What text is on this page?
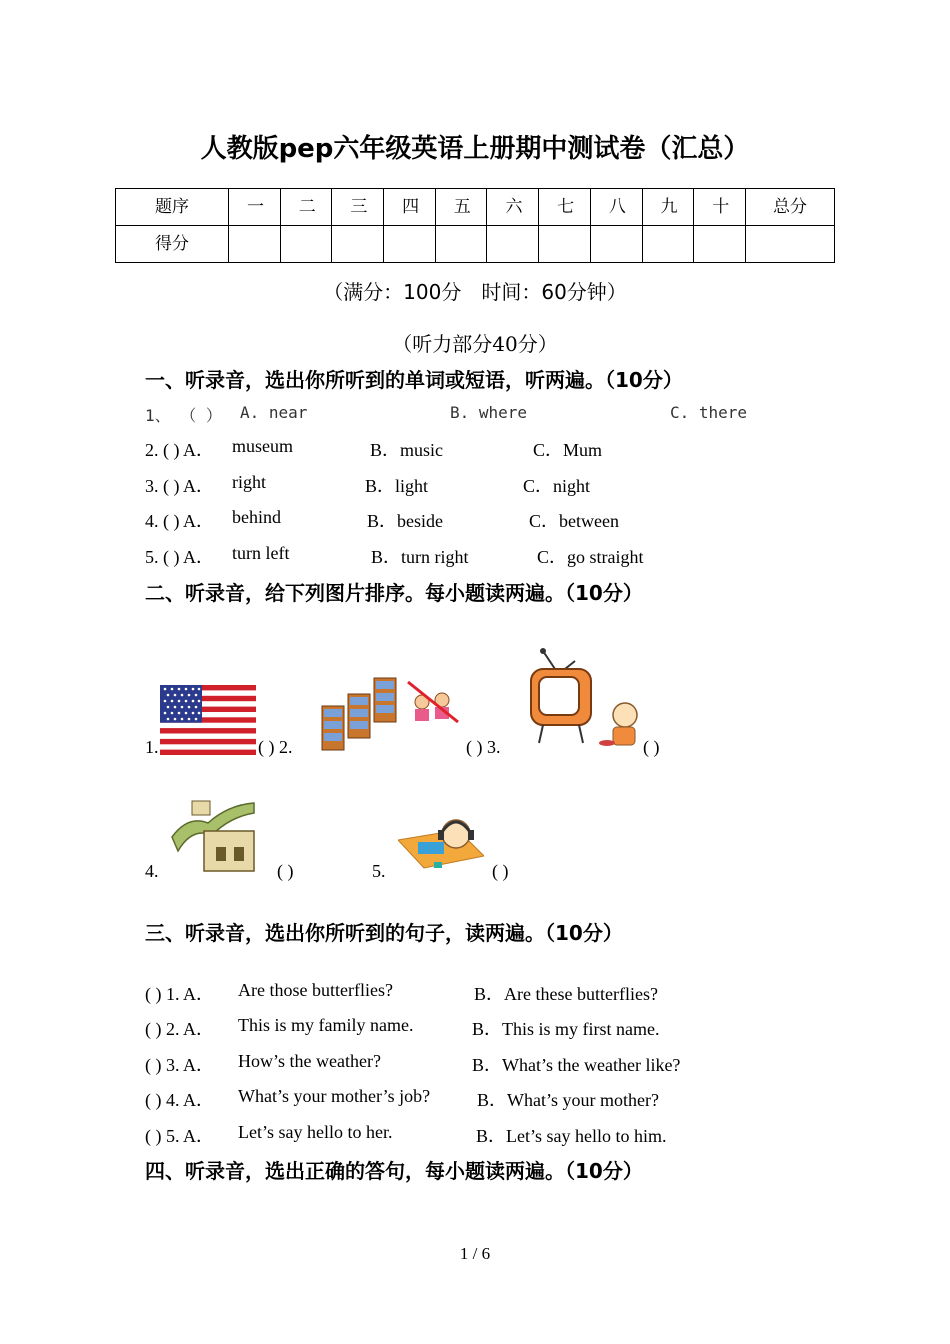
人教版pep六年级英语上册期中测试卷（汇总）
题序	一	二	三	四	五	六	七	八	九	十	总分

得分											

（满分：100分　时间：60分钟）
（听力部分40分）
一、听录音，选出你所听到的单词或短语，听两遍。（10分）
1、 （ ） A. near	B. where	C. there
2. ( ) A． museum	B．music	C．Mum
3. ( ) A． right	B．light	C．night
4. ( ) A． behind	B．beside	C．between
5. ( ) A． turn left	B．turn right	C．go straight
二、听录音，给下列图片排序。每小题读两遍。（10分）
1.	( ) 2.	( ) 3.	( )
4.	( )	5.	( )
三、听录音，选出你所听到的句子，读两遍。（10分）
( ) 1. A． Are those butterflies?	B．Are these butterflies?
( ) 2. A． This is my family name.	B．This is my first name.
( ) 3. A． How’s the weather?	B．What’s the weather like?
( ) 4. A． What’s your mother’s job?	B．What’s your mother?
( ) 5. A． Let’s say hello to her.	B．Let’s say hello to him.
四、听录音，选出正确的答句，每小题读两遍。（10分）
1 / 6
